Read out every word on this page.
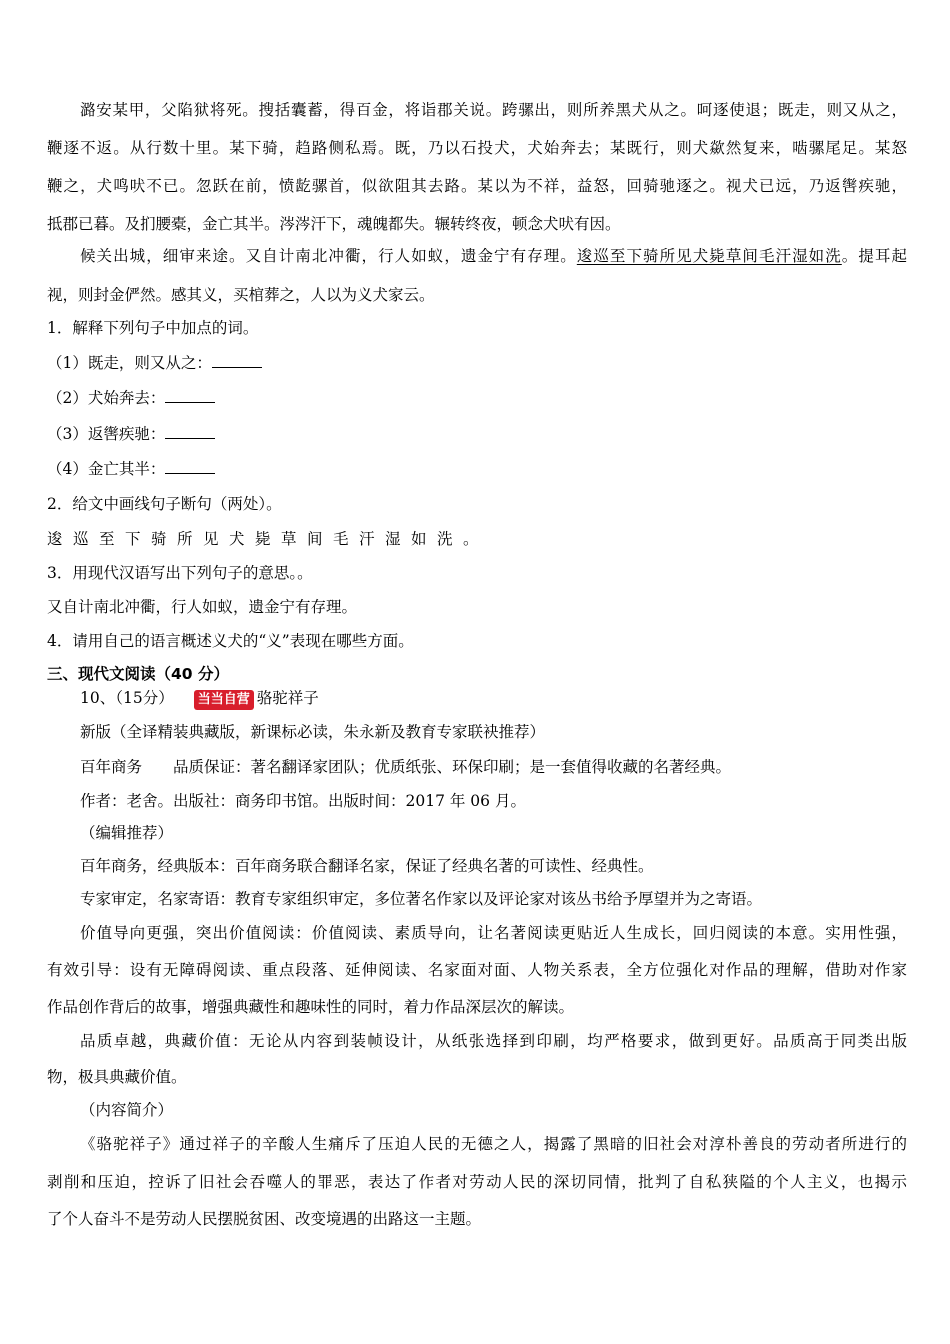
潞安某甲，父陷狱将死。搜括囊蓄，得百金，将诣郡关说。跨骡出，则所养黑犬从之。呵逐使退；既走，则又从之，
鞭逐不返。从行数十里。某下骑，趋路侧私焉。既，乃以石投犬，犬始奔去；某既行，则犬歘然复来，啮骡尾足。某怒
鞭之，犬鸣吠不已。忽跃在前，愤龁骡首，似欲阻其去路。某以为不祥，益怒，回骑驰逐之。视犬已远，乃返辔疾驰，
抵郡已暮。及扪腰橐，金亡其半。涔涔汗下，魂魄都失。辗转终夜，顿念犬吠有因。
候关出城，细审来途。又自计南北冲衢，行人如蚁，遗金宁有存理。逡巡至下骑所见犬毙草间毛汗湿如洗。提耳起
视，则封金俨然。感其义，买棺葬之，人以为义犬家云。
1．解释下列句子中加点的词。
（1）既走，则又从之：
（2）犬始奔去：
（3）返辔疾驰：
（4）金亡其半：
2．给文中画线句子断句（两处）。
逡巡至下骑所见犬毙草间毛汗湿如洗。
3．用现代汉语写出下列句子的意思。。
又自计南北冲衢，行人如蚁，遗金宁有存理。
4．请用自己的语言概述义犬的“义”表现在哪些方面。
三、现代文阅读（40 分）
10、（15分） 当当自营 骆驼祥子
新版（全译精装典藏版，新课标必读，朱永新及教育专家联袂推荐）
百年商务　　品质保证：著名翻译家团队；优质纸张、环保印刷；是一套值得收藏的名著经典。
作者：老舍。出版社：商务印书馆。出版时间：2017 年 06 月。
（编辑推荐）
百年商务，经典版本：百年商务联合翻译名家，保证了经典名著的可读性、经典性。
专家审定，名家寄语：教育专家组织审定，多位著名作家以及评论家对该丛书给予厚望并为之寄语。
价值导向更强，突出价值阅读：价值阅读、素质导向，让名著阅读更贴近人生成长，回归阅读的本意。实用性强，
有效引导：设有无障碍阅读、重点段落、延伸阅读、名家面对面、人物关系表，全方位强化对作品的理解，借助对作家
作品创作背后的故事，增强典藏性和趣味性的同时，着力作品深层次的解读。
品质卓越，典藏价值：无论从内容到装帧设计，从纸张选择到印刷，均严格要求，做到更好。品质高于同类出版
物，极具典藏价值。
（内容简介）
《骆驼祥子》通过祥子的辛酸人生痛斥了压迫人民的无德之人，揭露了黑暗的旧社会对淳朴善良的劳动者所进行的
剥削和压迫，控诉了旧社会吞噬人的罪恶，表达了作者对劳动人民的深切同情，批判了自私狭隘的个人主义，也揭示
了个人奋斗不是劳动人民摆脱贫困、改变境遇的出路这一主题。
